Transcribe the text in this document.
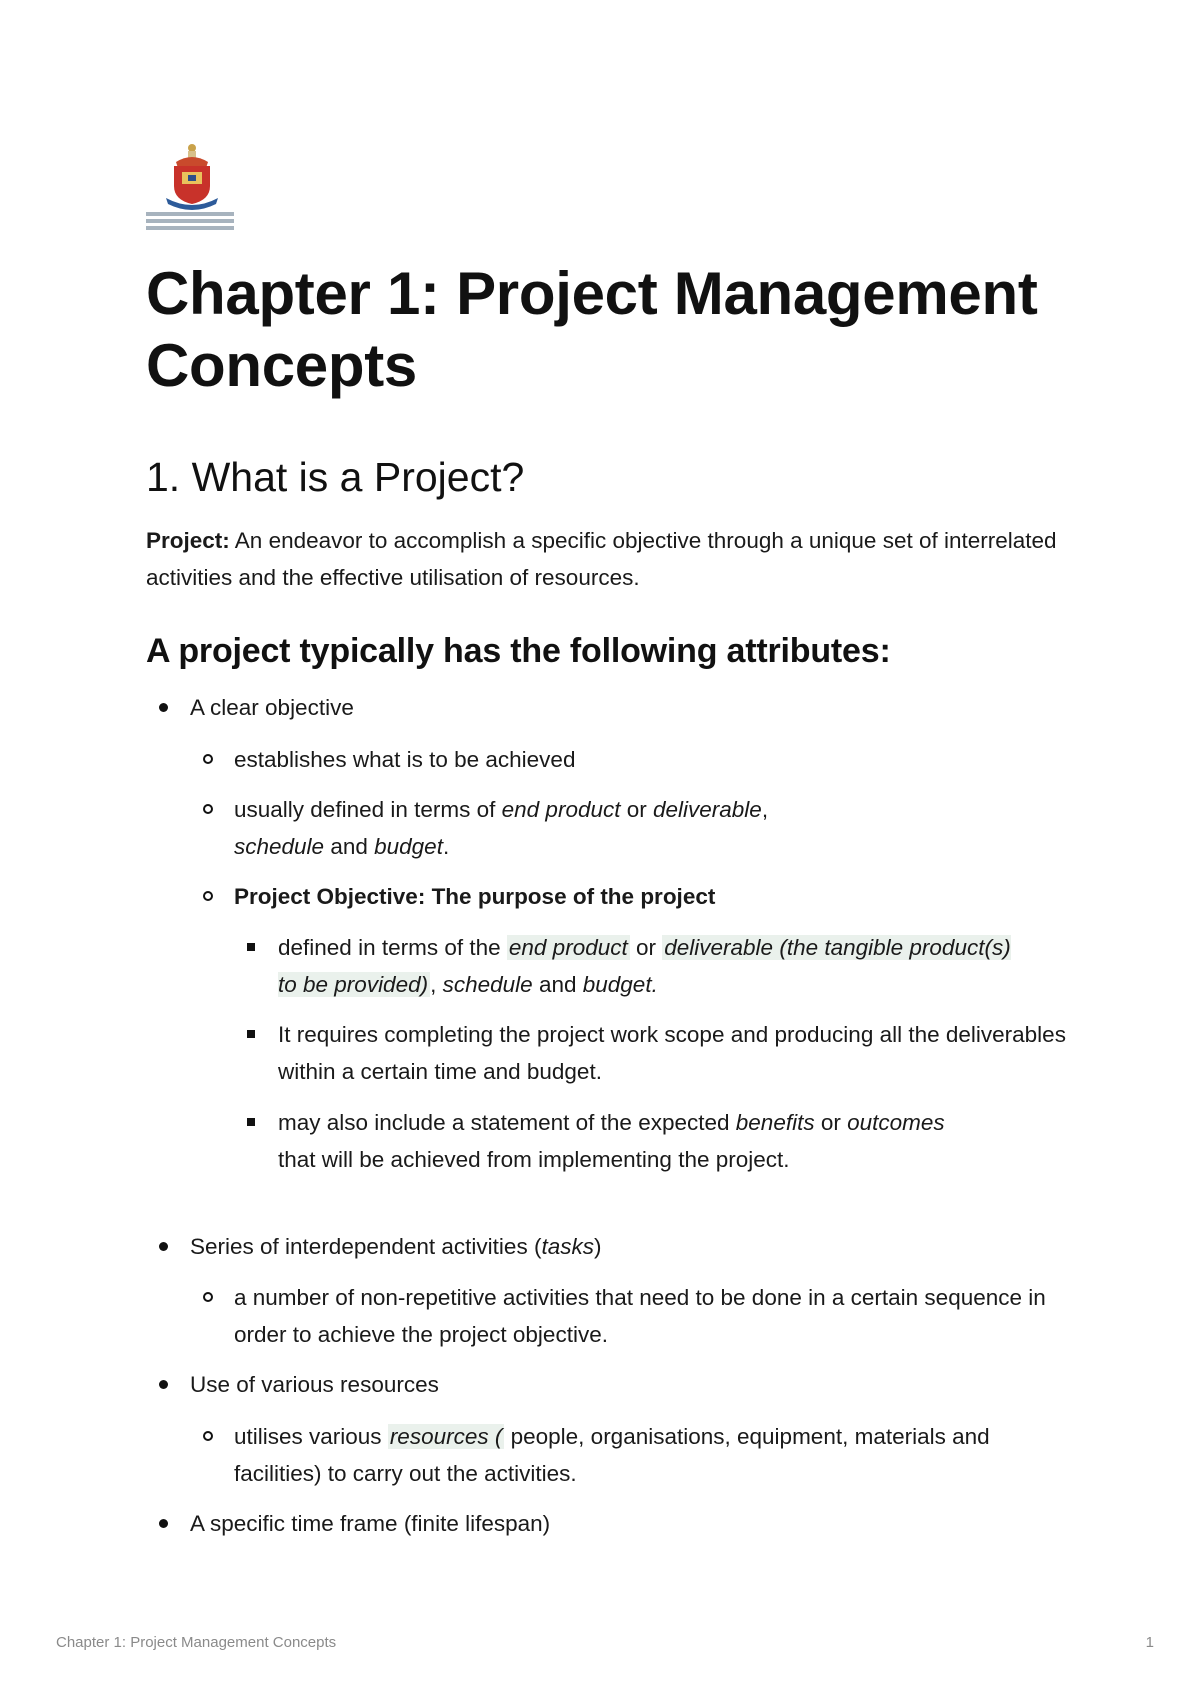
Chapter 1: Project Management Concepts
1. What is a Project?

Project: An endeavor to accomplish a specific objective through a unique set of interrelated activities and the effective utilisation of resources.

A project typically has the following attributes:
A clear objective
establishes what is to be achieved
usually defined in terms of end product or deliverable,
schedule and budget.
Project Objective: The purpose of the project
defined in terms of the end product or deliverable (the tangible product(s) to be provided), schedule and budget.
It requires completing the project work scope and producing all the deliverables within a certain time and budget.
may also include a statement of the expected benefits or outcomes that will be achieved from implementing the project.
Series of interdependent activities (tasks)
a number of non-repetitive activities that need to be done in a certain sequence in order to achieve the project objective.
Use of various resources
utilises various resources ( people, organisations, equipment, materials and facilities) to carry out the activities.
A specific time frame (finite lifespan)
Chapter 1: Project Management Concepts	1
